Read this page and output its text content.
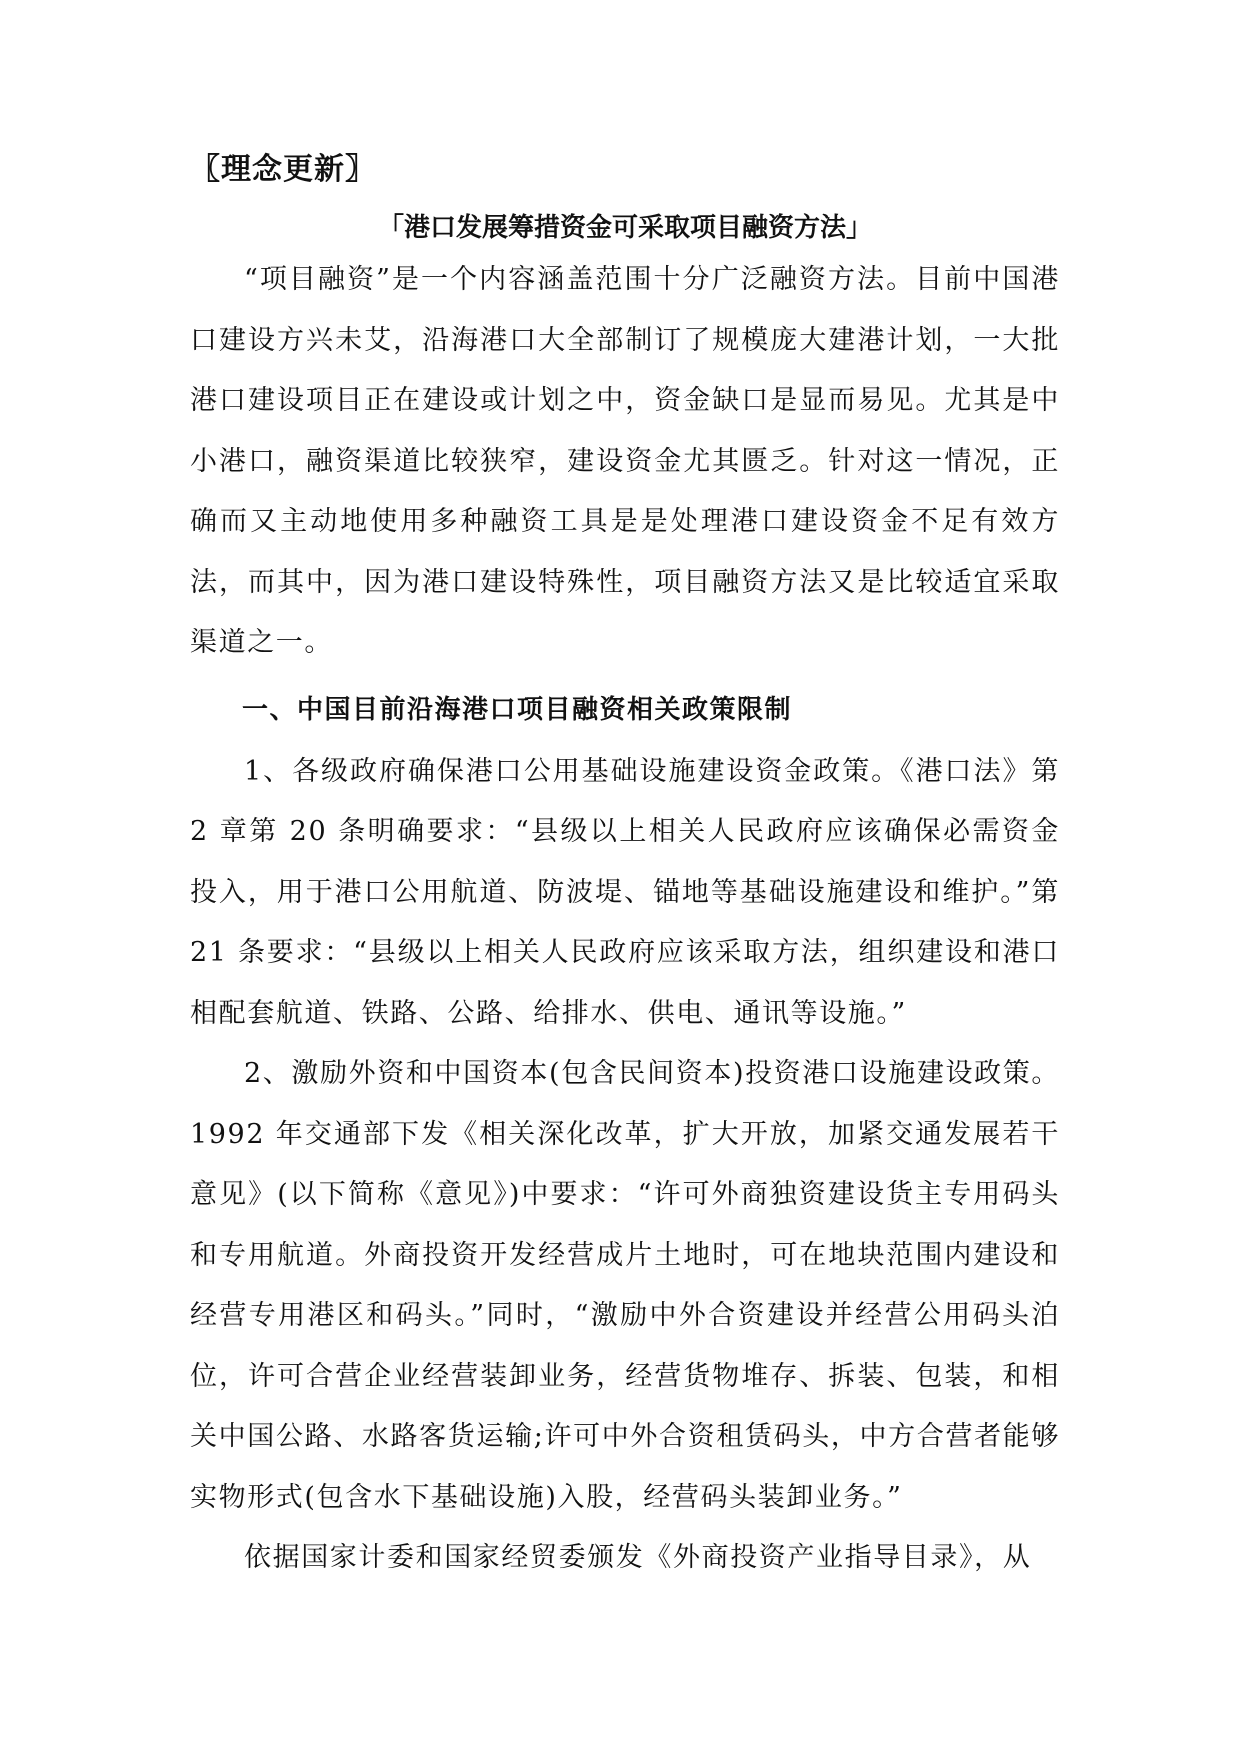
〖理念更新〗
「港口发展筹措资金可采取项目融资方法」

“项目融资”是一个内容涵盖范围十分广泛融资方法。目前中国港口建设方兴未艾，沿海港口大全部制订了规模庞大建港计划，一大批港口建设项目正在建设或计划之中，资金缺口是显而易见。尤其是中小港口，融资渠道比较狭窄，建设资金尤其匮乏。针对这一情况，正确而又主动地使用多种融资工具是是处理港口建设资金不足有效方法，而其中，因为港口建设特殊性，项目融资方法又是比较适宜采取渠道之一。

一、中国目前沿海港口项目融资相关政策限制

1、各级政府确保港口公用基础设施建设资金政策。《港口法》第 2 章第 20 条明确要求：“县级以上相关人民政府应该确保必需资金投入，用于港口公用航道、防波堤、锚地等基础设施建设和维护。”第21 条要求：“县级以上相关人民政府应该采取方法，组织建设和港口相配套航道、铁路、公路、给排水、供电、通讯等设施。”

2、激励外资和中国资本(包含民间资本)投资港口设施建设政策。1992 年交通部下发《相关深化改革，扩大开放，加紧交通发展若干意见》(以下简称《意见》)中要求：“许可外商独资建设货主专用码头和专用航道。外商投资开发经营成片土地时，可在地块范围内建设和经营专用港区和码头。”同时，“激励中外合资建设并经营公用码头泊位，许可合营企业经营装卸业务，经营货物堆存、拆装、包装，和相关中国公路、水路客货运输;许可中外合资租赁码头，中方合营者能够实物形式(包含水下基础设施)入股，经营码头装卸业务。”

依据国家计委和国家经贸委颁发《外商投资产业指导目录》，从
